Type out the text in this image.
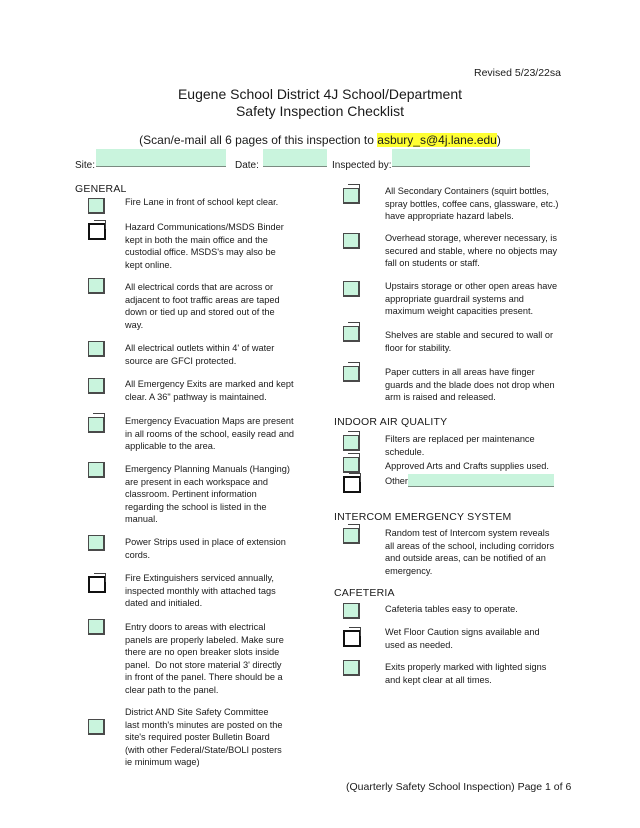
Revised 5/23/22sa
Eugene School District 4J School/Department
Safety Inspection Checklist
(Scan/e-mail all 6 pages of this inspection to asbury_s@4j.lane.edu)
Site:	Date:	Inspected by:
GENERAL
Fire Lane in front of school kept clear.
Hazard Communications/MSDS Binder
kept in both the main office and the
custodial office. MSDS's may also be
kept online.
All electrical cords that are across or
adjacent to foot traffic areas are taped
down or tied up and stored out of the
way.
All electrical outlets within 4' of water
source are GFCI protected.
All Emergency Exits are marked and kept
clear. A 36" pathway is maintained.
Emergency Evacuation Maps are present
in all rooms of the school, easily read and
applicable to the area.
Emergency Planning Manuals (Hanging)
are present in each workspace and
classroom. Pertinent information
regarding the school is listed in the
manual.
Power Strips used in place of extension
cords.
Fire Extinguishers serviced annually,
inspected monthly with attached tags
dated and initialed.
Entry doors to areas with electrical
panels are properly labeled. Make sure
there are no open breaker slots inside
panel.  Do not store material 3' directly
in front of the panel. There should be a
clear path to the panel.
District AND Site Safety Committee
last month's minutes are posted on the
site's required poster Bulletin Board
(with other Federal/State/BOLI posters
ie minimum wage)
All Secondary Containers (squirt bottles,
spray bottles, coffee cans, glassware, etc.)
have appropriate hazard labels.
Overhead storage, wherever necessary, is
secured and stable, where no objects may
fall on students or staff.
Upstairs storage or other open areas have
appropriate guardrail systems and
maximum weight capacities present.
Shelves are stable and secured to wall or
floor for stability.
Paper cutters in all areas have finger
guards and the blade does not drop when
arm is raised and released.
INDOOR AIR QUALITY
Filters are replaced per maintenance
schedule.
Approved Arts and Crafts supplies used.
Other
INTERCOM EMERGENCY SYSTEM
Random test of Intercom system reveals
all areas of the school, including corridors
and outside areas, can be notified of an
emergency.
CAFETERIA
Cafeteria tables easy to operate.
Wet Floor Caution signs available and
used as needed.
Exits properly marked with lighted signs
and kept clear at all times.
(Quarterly Safety School Inspection) Page 1 of 6
